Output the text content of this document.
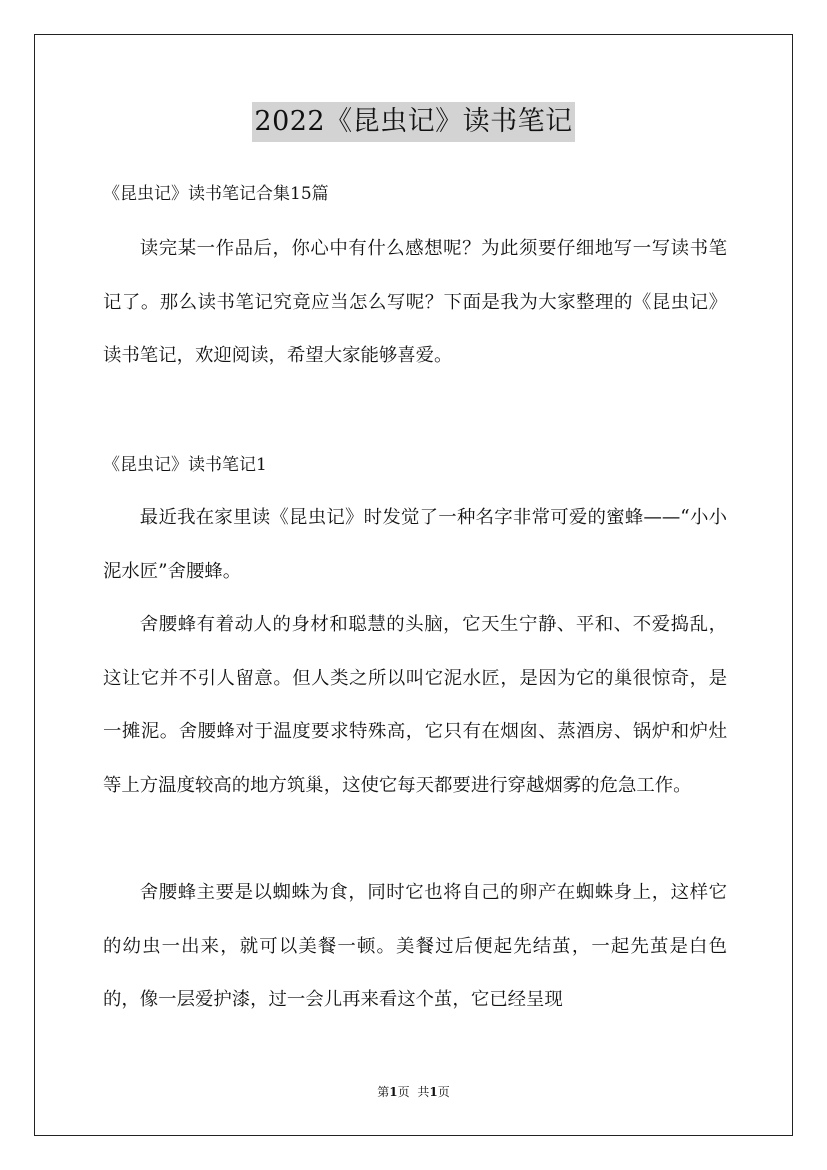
2022《昆虫记》读书笔记
《昆虫记》读书笔记合集15篇

读完某一作品后，你心中有什么感想呢？为此须要仔细地写一写读书笔记了。那么读书笔记究竟应当怎么写呢？下面是我为大家整理的《昆虫记》读书笔记，欢迎阅读，希望大家能够喜爱。

《昆虫记》读书笔记1

最近我在家里读《昆虫记》时发觉了一种名字非常可爱的蜜蜂——“小小泥水匠”舍腰蜂。

舍腰蜂有着动人的身材和聪慧的头脑，它天生宁静、平和、不爱捣乱，这让它并不引人留意。但人类之所以叫它泥水匠，是因为它的巢很惊奇，是一摊泥。舍腰蜂对于温度要求特殊高，它只有在烟囱、蒸酒房、锅炉和炉灶等上方温度较高的地方筑巢，这使它每天都要进行穿越烟雾的危急工作。

舍腰蜂主要是以蜘蛛为食，同时它也将自己的卵产在蜘蛛身上，这样它的幼虫一出来，就可以美餐一顿。美餐过后便起先结茧，一起先茧是白色的，像一层爱护漆，过一会儿再来看这个茧，它已经呈现

第1页 共1页
